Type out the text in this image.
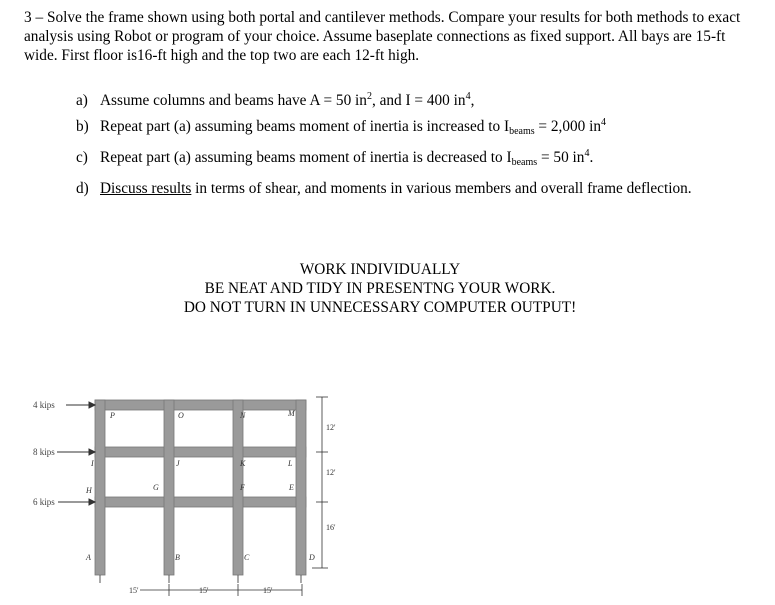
3 – Solve the frame shown using both portal and cantilever methods. Compare your results for both methods to exact analysis using Robot or program of your choice. Assume baseplate connections as fixed support. All bays are 15-ft wide. First floor is16-ft high and the top two are each 12-ft high.
a) Assume columns and beams have A = 50 $in^2$, and I = 400 $in^4$,
b) Repeat part (a) assuming beams moment of inertia is increased to $I_{beams} = 2,000$ $in^4$
c) Repeat part (a) assuming beams moment of inertia is decreased to $I_{beams} = 50$ $in^4$.
d) Discuss results in terms of shear, and moments in various members and overall frame deflection.
WORK INDIVIDUALLY
BE NEAT AND TIDY IN PRESENTNG YOUR WORK.
DO NOT TURN IN UNNECESSARY COMPUTER OUTPUT!
4 kips
8 kips
6 kips
P	O	N	M
I	J	K	L
H	G	F	E
A	B	C	D
12'
12'
16'
15'	15'	15'
